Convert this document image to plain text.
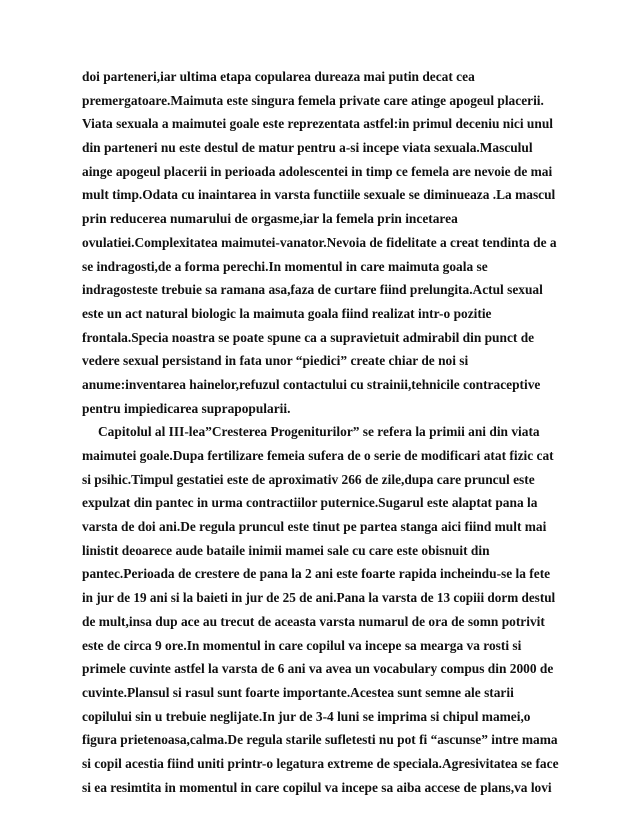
doi parteneri,iar ultima etapa copularea dureaza mai putin decat cea
premergatoare.Maimuta este singura femela private care atinge apogeul placerii.
Viata sexuala a maimutei goale este reprezentata astfel:in primul deceniu nici unul
din parteneri nu este destul de matur pentru a-si incepe viata sexuala.Masculul
ainge apogeul placerii in perioada adolescentei in timp ce femela are nevoie de mai
mult timp.Odata cu inaintarea in varsta functiile sexuale se diminueaza .La mascul
prin reducerea numarului de orgasme,iar la femela prin incetarea
ovulatiei.Complexitatea maimutei-vanator.Nevoia de fidelitate a creat tendinta de a
se indragosti,de a forma perechi.In momentul in care maimuta goala se
indragosteste trebuie sa ramana asa,faza de curtare fiind prelungita.Actul sexual
este un act natural biologic la maimuta goala fiind realizat intr-o pozitie
frontala.Specia noastra se poate spune ca a supravietuit admirabil din punct de
vedere sexual persistand in fata unor “piedici” create chiar de noi si
anume:inventarea hainelor,refuzul contactului cu strainii,tehnicile contraceptive
pentru impiedicarea suprapopularii.
Capitolul al III-lea”Cresterea Progeniturilor” se refera la primii ani din viata
maimutei goale.Dupa fertilizare femeia sufera de o serie de modificari atat fizic cat
si psihic.Timpul gestatiei este de aproximativ 266 de zile,dupa care pruncul este
expulzat din pantec in urma contractiilor puternice.Sugarul este alaptat pana la
varsta de doi ani.De regula pruncul este tinut pe partea stanga aici fiind mult mai
linistit deoarece aude bataile inimii mamei sale cu care este obisnuit din
pantec.Perioada de crestere de pana la 2 ani este foarte rapida incheindu-se la fete
in jur de 19 ani si la baieti in jur de 25 de ani.Pana la varsta de 13 copiii dorm destul
de mult,insa dup ace au trecut de aceasta varsta numarul de ora de somn potrivit
este de circa 9 ore.In momentul in care copilul va incepe sa mearga va rosti si
primele cuvinte astfel la varsta de 6 ani va avea un vocabulary compus din 2000 de
cuvinte.Plansul si rasul sunt foarte importante.Acestea sunt semne ale starii
copilului sin u trebuie neglijate.In jur de 3-4 luni se imprima si chipul mamei,o
figura prietenoasa,calma.De regula starile sufletesti nu pot fi “ascunse” intre mama
si copil acestia fiind uniti printr-o legatura extreme de speciala.Agresivitatea se face
si ea resimtita in momentul in care copilul va incepe sa aiba accese de plans,va lovi
